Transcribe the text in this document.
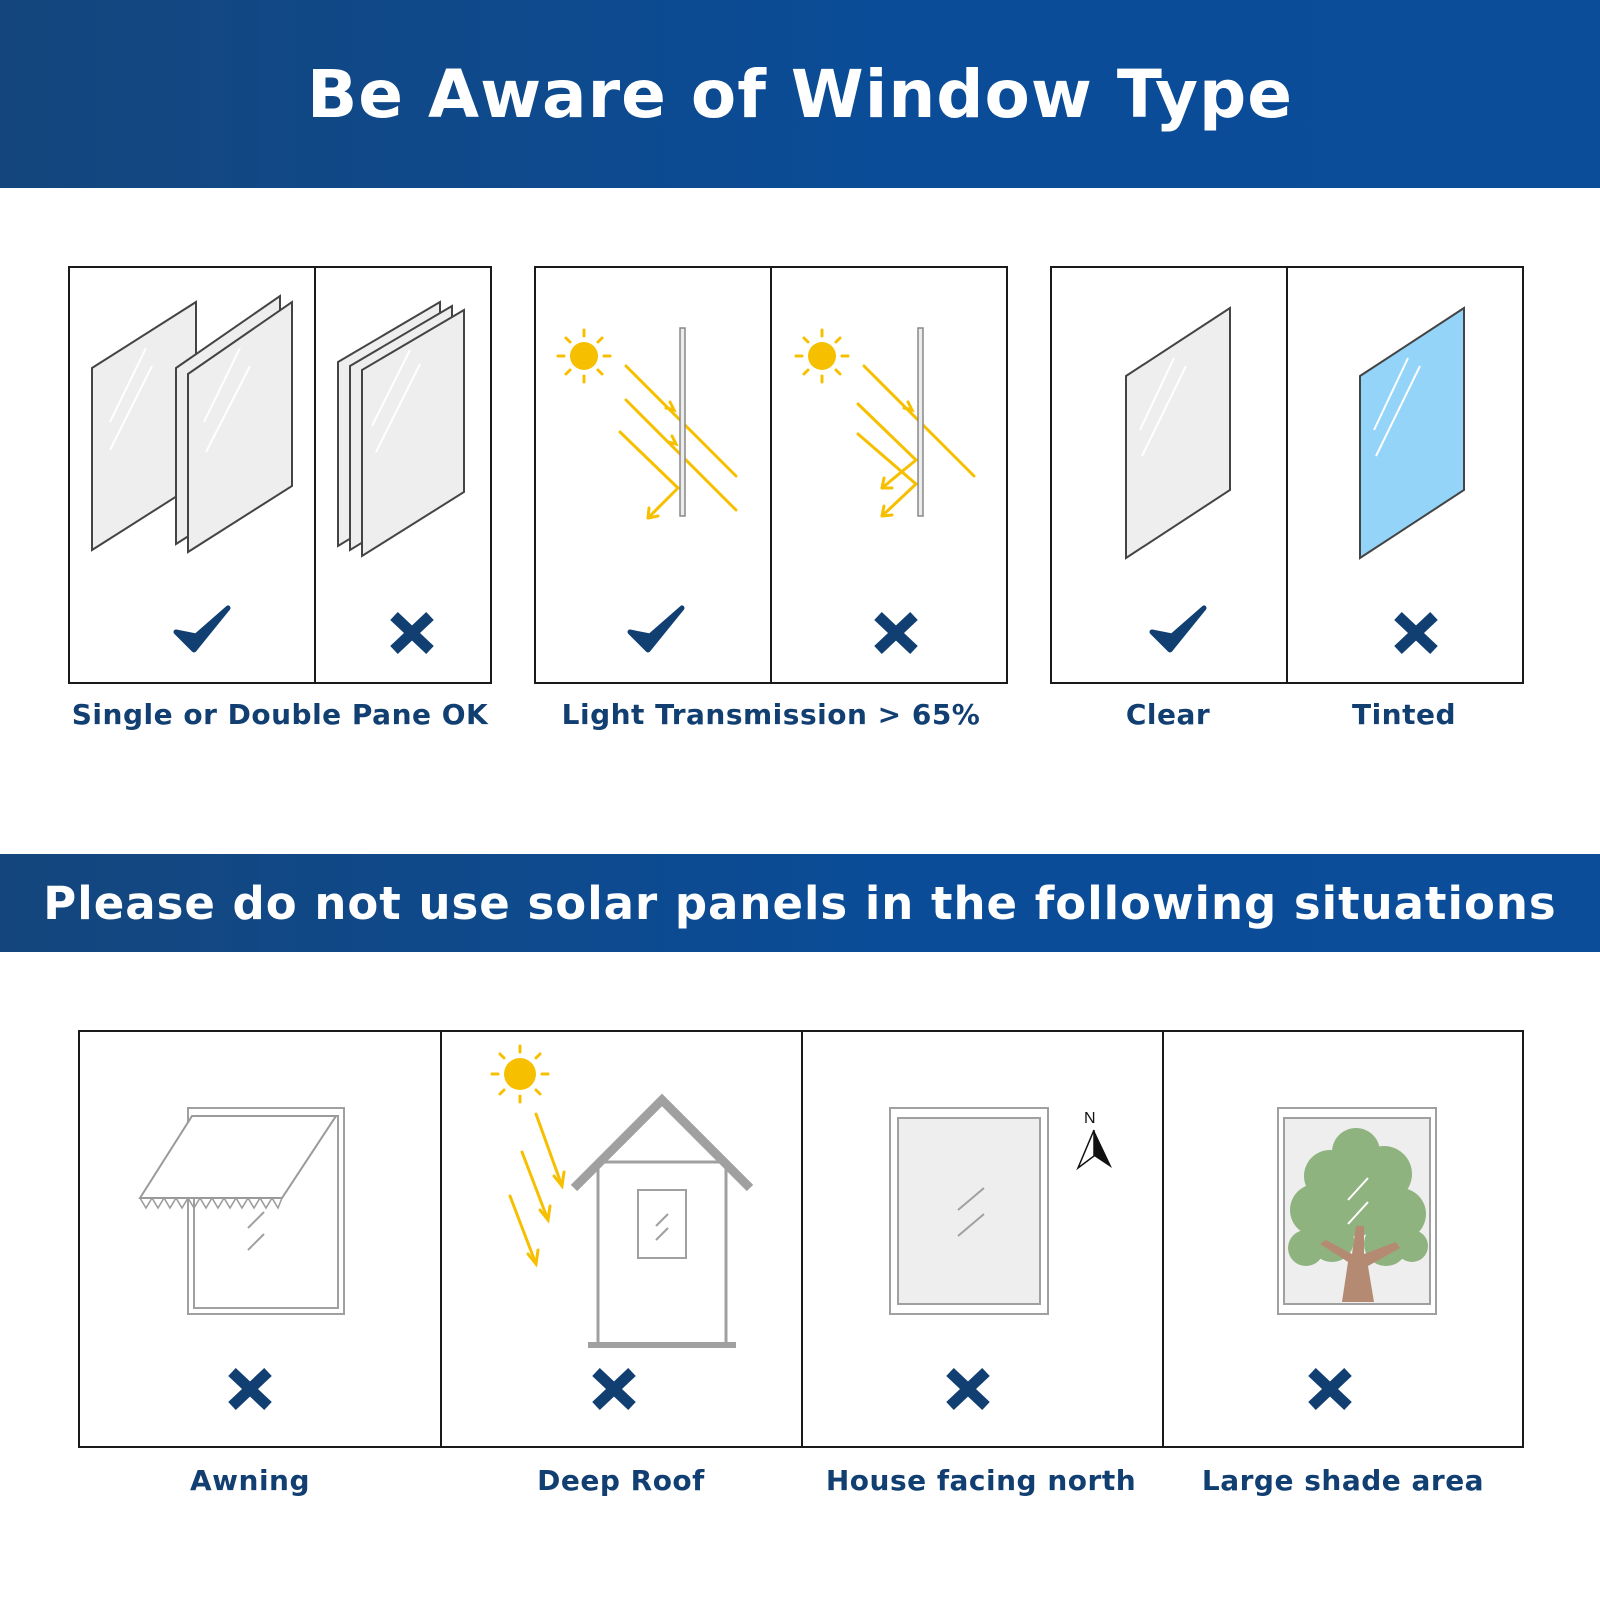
Be Aware of Window Type
Single or Double Pane OK	Light Transmission > 65%	Clear	Tinted
Please do not use solar panels in the following situations
N
Awning	Deep Roof	House facing north	Large shade area
